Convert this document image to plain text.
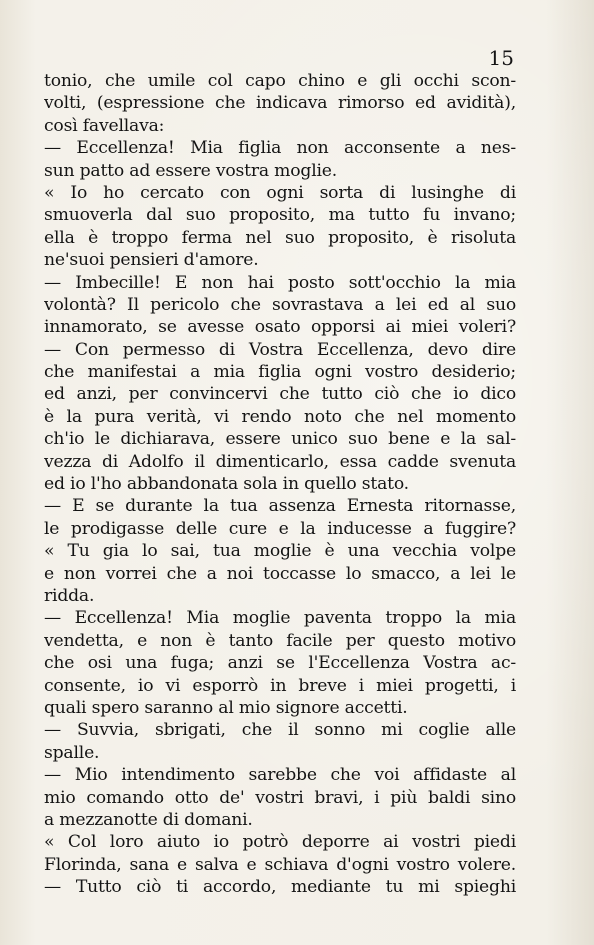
15
tonio, che umile col capo chino e gli occhi scon-
volti, (espressione che indicava rimorso ed avidità),
così favellava:
— Eccellenza! Mia figlia non acconsente a nes-
sun patto ad essere vostra moglie.
« Io ho cercato con ogni sorta di lusinghe di
smuoverla dal suo proposito, ma tutto fu invano;
ella è troppo ferma nel suo proposito, è risoluta
ne'suoi pensieri d'amore.
— Imbecille! E non hai posto sott'occhio la mia
volontà? Il pericolo che sovrastava a lei ed al suo
innamorato, se avesse osato opporsi ai miei voleri?
— Con permesso di Vostra Eccellenza, devo dire
che manifestai a mia figlia ogni vostro desiderio;
ed anzi, per convincervi che tutto ciò che io dico
è la pura verità, vi rendo noto che nel momento
ch'io le dichiarava, essere unico suo bene e la sal-
vezza di Adolfo il dimenticarlo, essa cadde svenuta
ed io l'ho abbandonata sola in quello stato.
— E se durante la tua assenza Ernesta ritornasse,
le prodigasse delle cure e la inducesse a fuggire?
« Tu gia lo sai, tua moglie è una vecchia volpe
e non vorrei che a noi toccasse lo smacco, a lei le
ridda.
— Eccellenza! Mia moglie paventa troppo la mia
vendetta, e non è tanto facile per questo motivo
che osi una fuga; anzi se l'Eccellenza Vostra ac-
consente, io vi esporrò in breve i miei progetti, i
quali spero saranno al mio signore accetti.
— Suvvia, sbrigati, che il sonno mi coglie alle
spalle.
— Mio intendimento sarebbe che voi affidaste al
mio comando otto de' vostri bravi, i più baldi sino
a mezzanotte di domani.
« Col loro aiuto io potrò deporre ai vostri piedi
Florinda, sana e salva e schiava d'ogni vostro volere.
— Tutto ciò ti accordo, mediante tu mi spieghi
